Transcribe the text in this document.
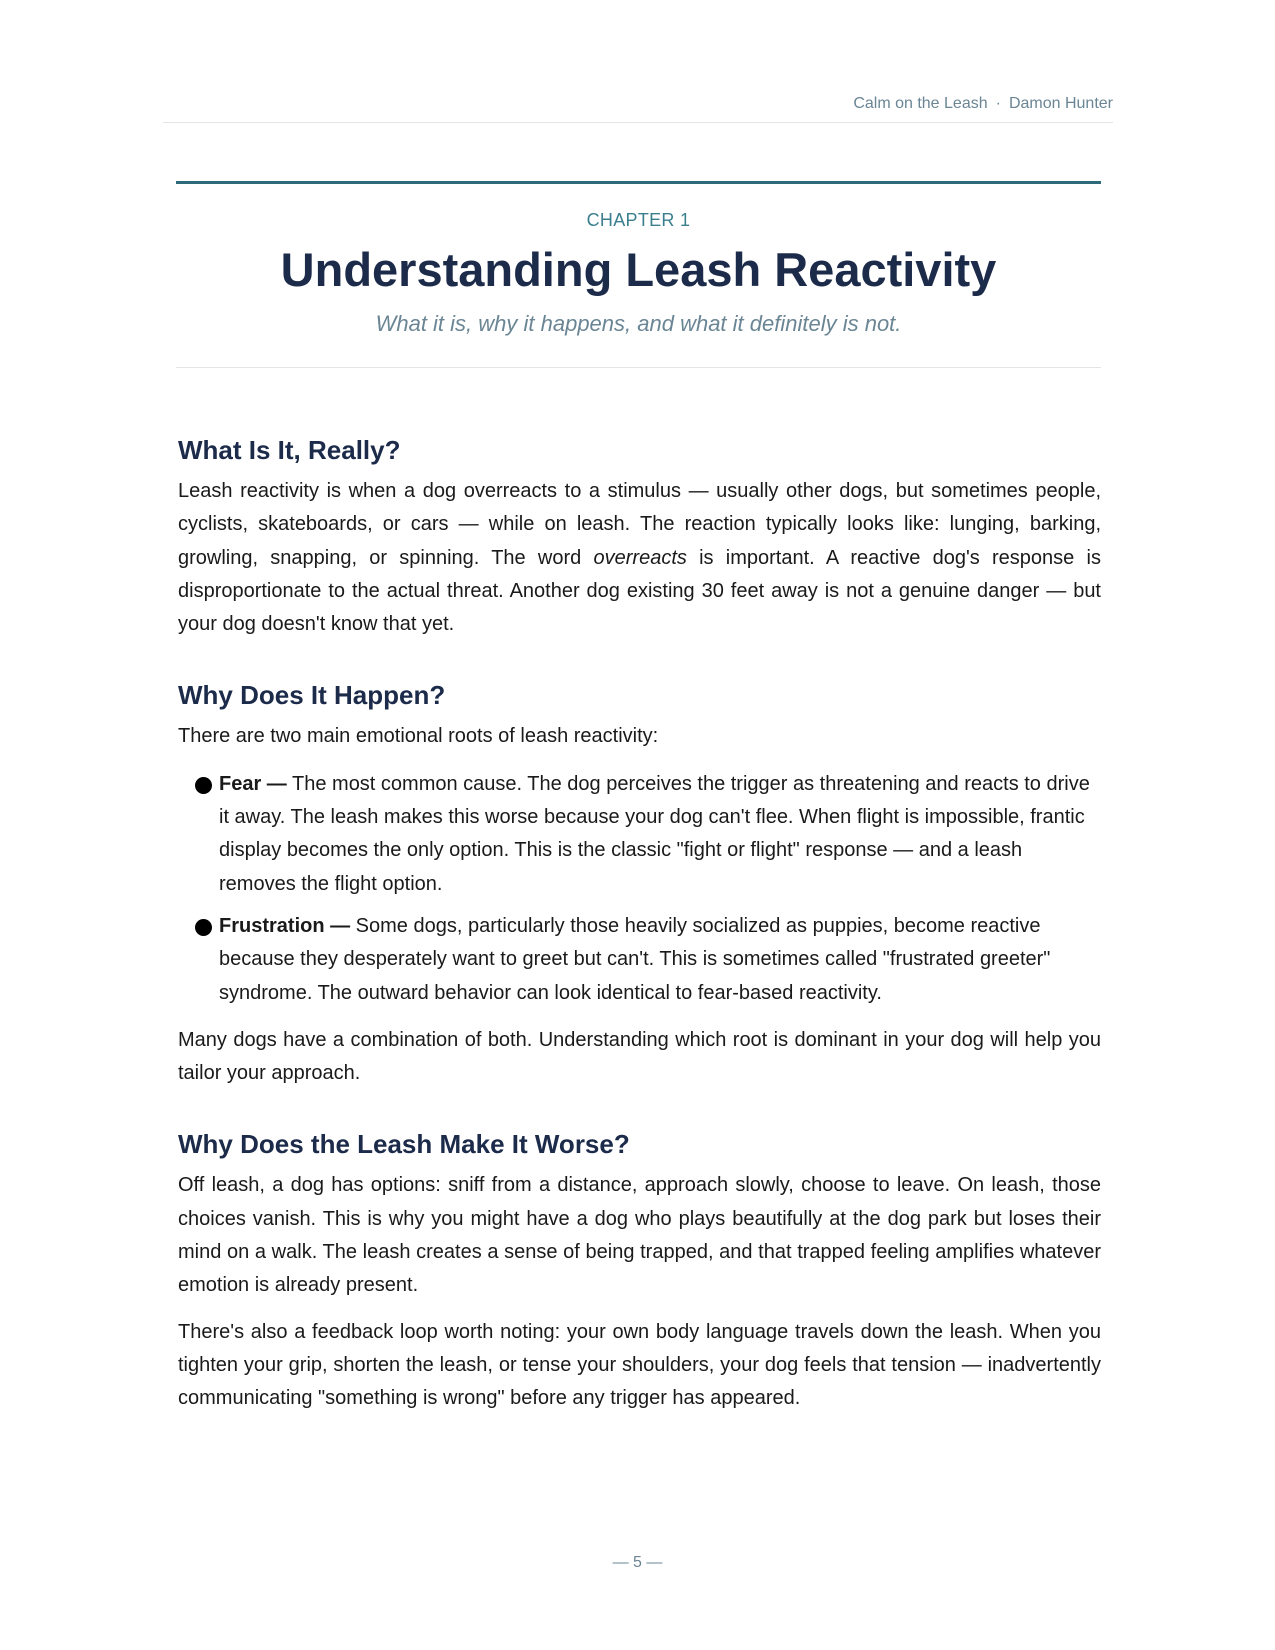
Calm on the Leash · Damon Hunter
CHAPTER 1
Understanding Leash Reactivity
What it is, why it happens, and what it definitely is not.
What Is It, Really?

Leash reactivity is when a dog overreacts to a stimulus — usually other dogs, but sometimes people, cyclists, skateboards, or cars — while on leash. The reaction typically looks like: lunging, barking, growling, snapping, or spinning. The word overreacts is important. A reactive dog's response is disproportionate to the actual threat. Another dog existing 30 feet away is not a genuine danger — but your dog doesn't know that yet.

Why Does It Happen?

There are two main emotional roots of leash reactivity:

Fear — The most common cause. The dog perceives the trigger as threatening and reacts to drive it away. The leash makes this worse because your dog can't flee. When flight is impossible, frantic display becomes the only option. This is the classic "fight or flight" response — and a leash removes the flight option.
Frustration — Some dogs, particularly those heavily socialized as puppies, become reactive because they desperately want to greet but can't. This is sometimes called "frustrated greeter" syndrome. The outward behavior can look identical to fear-based reactivity.

Many dogs have a combination of both. Understanding which root is dominant in your dog will help you tailor your approach.

Why Does the Leash Make It Worse?

Off leash, a dog has options: sniff from a distance, approach slowly, choose to leave. On leash, those choices vanish. This is why you might have a dog who plays beautifully at the dog park but loses their mind on a walk. The leash creates a sense of being trapped, and that trapped feeling amplifies whatever emotion is already present.

There's also a feedback loop worth noting: your own body language travels down the leash. When you tighten your grip, shorten the leash, or tense your shoulders, your dog feels that tension — inadvertently communicating "something is wrong" before any trigger has appeared.

— 5 —
